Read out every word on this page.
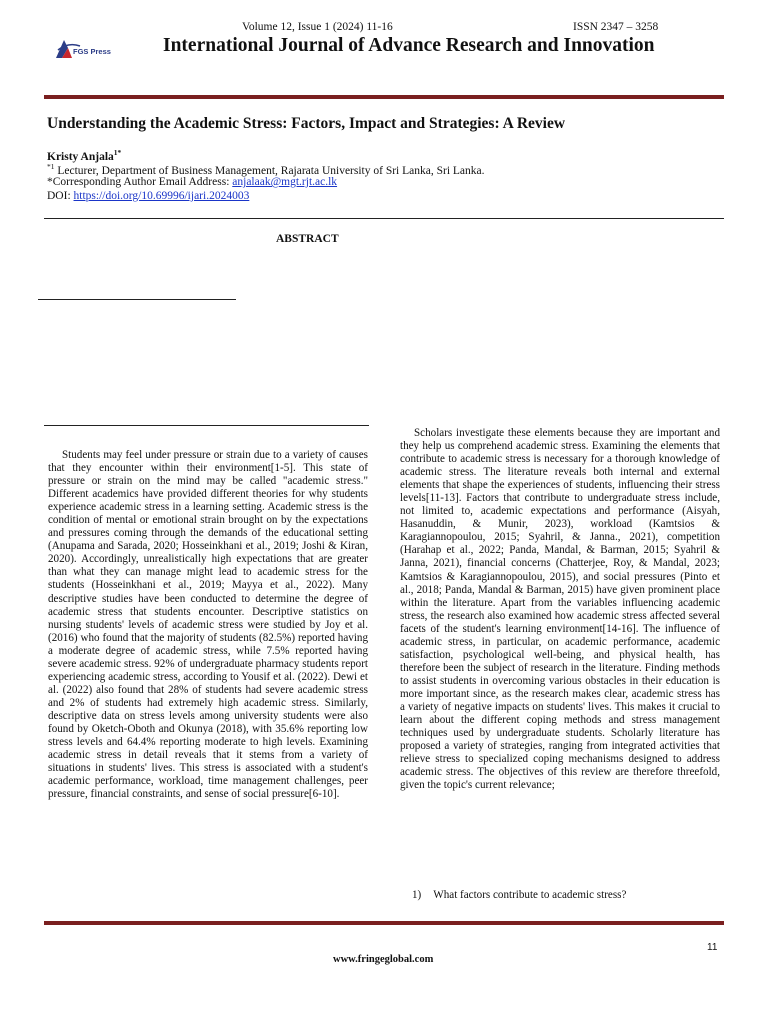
Volume 12, Issue 1 (2024) 11-16	ISSN 2347 – 3258
FGS Press	International Journal of Advance Research and Innovation
Understanding the Academic Stress: Factors, Impact and Strategies: A Review
Kristy Anjala$^{1*}$
$^{*1}$ Lecturer, Department of Business Management, Rajarata University of Sri Lanka, Sri Lanka.
*Corresponding Author Email Address: anjalaak@mgt.rjt.ac.lk
DOI: https://doi.org/10.69996/ijari.2024003
ABSTRACT

Students may feel under pressure or strain due to a variety of causes that they encounter within their environment[1-5]. This state of pressure or strain on the mind may be called "academic stress." Different academics have provided different theories for why students experience academic stress in a learning setting. Academic stress is the condition of mental or emotional strain brought on by the expectations and pressures coming through the demands of the educational setting (Anupama and Sarada, 2020; Hosseinkhani et al., 2019; Joshi & Kiran, 2020). Accordingly, unrealistically high expectations that are greater than what they can manage might lead to academic stress for the students (Hosseinkhani et al., 2019; Mayya et al., 2022). Many descriptive studies have been conducted to determine the degree of academic stress that students encounter. Descriptive statistics on nursing students' levels of academic stress were studied by Joy et al. (2016) who found that the majority of students (82.5%) reported having a moderate degree of academic stress, while 7.5% reported having severe academic stress. 92% of undergraduate pharmacy students report experiencing academic stress, according to Yousif et al. (2022). Dewi et al. (2022) also found that 28% of students had severe academic stress and 2% of students had extremely high academic stress. Similarly, descriptive data on stress levels among university students were also found by Oketch-Oboth and Okunya (2018), with 35.6% reporting low stress levels and 64.4% reporting moderate to high levels. Examining academic stress in detail reveals that it stems from a variety of situations in students' lives. This stress is associated with a student's academic performance, workload, time management challenges, peer pressure, financial constraints, and sense of social pressure[6-10].

Scholars investigate these elements because they are important and they help us comprehend academic stress. Examining the elements that contribute to academic stress is necessary for a thorough knowledge of academic stress. The literature reveals both internal and external elements that shape the experiences of students, influencing their stress levels[11-13]. Factors that contribute to undergraduate stress include, not limited to, academic expectations and performance (Aisyah, Hasanuddin, & Munir, 2023), workload (Kamtsios & Karagiannopoulou, 2015; Syahril, & Janna., 2021), competition (Harahap et al., 2022; Panda, Mandal, & Barman, 2015; Syahril & Janna, 2021), financial concerns (Chatterjee, Roy, & Mandal, 2023; Kamtsios & Karagiannopoulou, 2015), and social pressures (Pinto et al., 2018; Panda, Mandal & Barman, 2015) have given prominent place within the literature. Apart from the variables influencing academic stress, the research also examined how academic stress affected several facets of the student's learning environment[14-16]. The influence of academic stress, in particular, on academic performance, academic satisfaction, psychological well-being, and physical health, has therefore been the subject of research in the literature. Finding methods to assist students in overcoming various obstacles in their education is more important since, as the research makes clear, academic stress has a variety of negative impacts on students' lives. This makes it crucial to learn about the different coping methods and stress management techniques used by undergraduate students. Scholarly literature has proposed a variety of strategies, ranging from integrated activities that relieve stress to specialized coping mechanisms designed to address academic stress. The objectives of this review are therefore threefold, given the topic's current relevance;

1) What factors contribute to academic stress?
11
www.fringeglobal.com
